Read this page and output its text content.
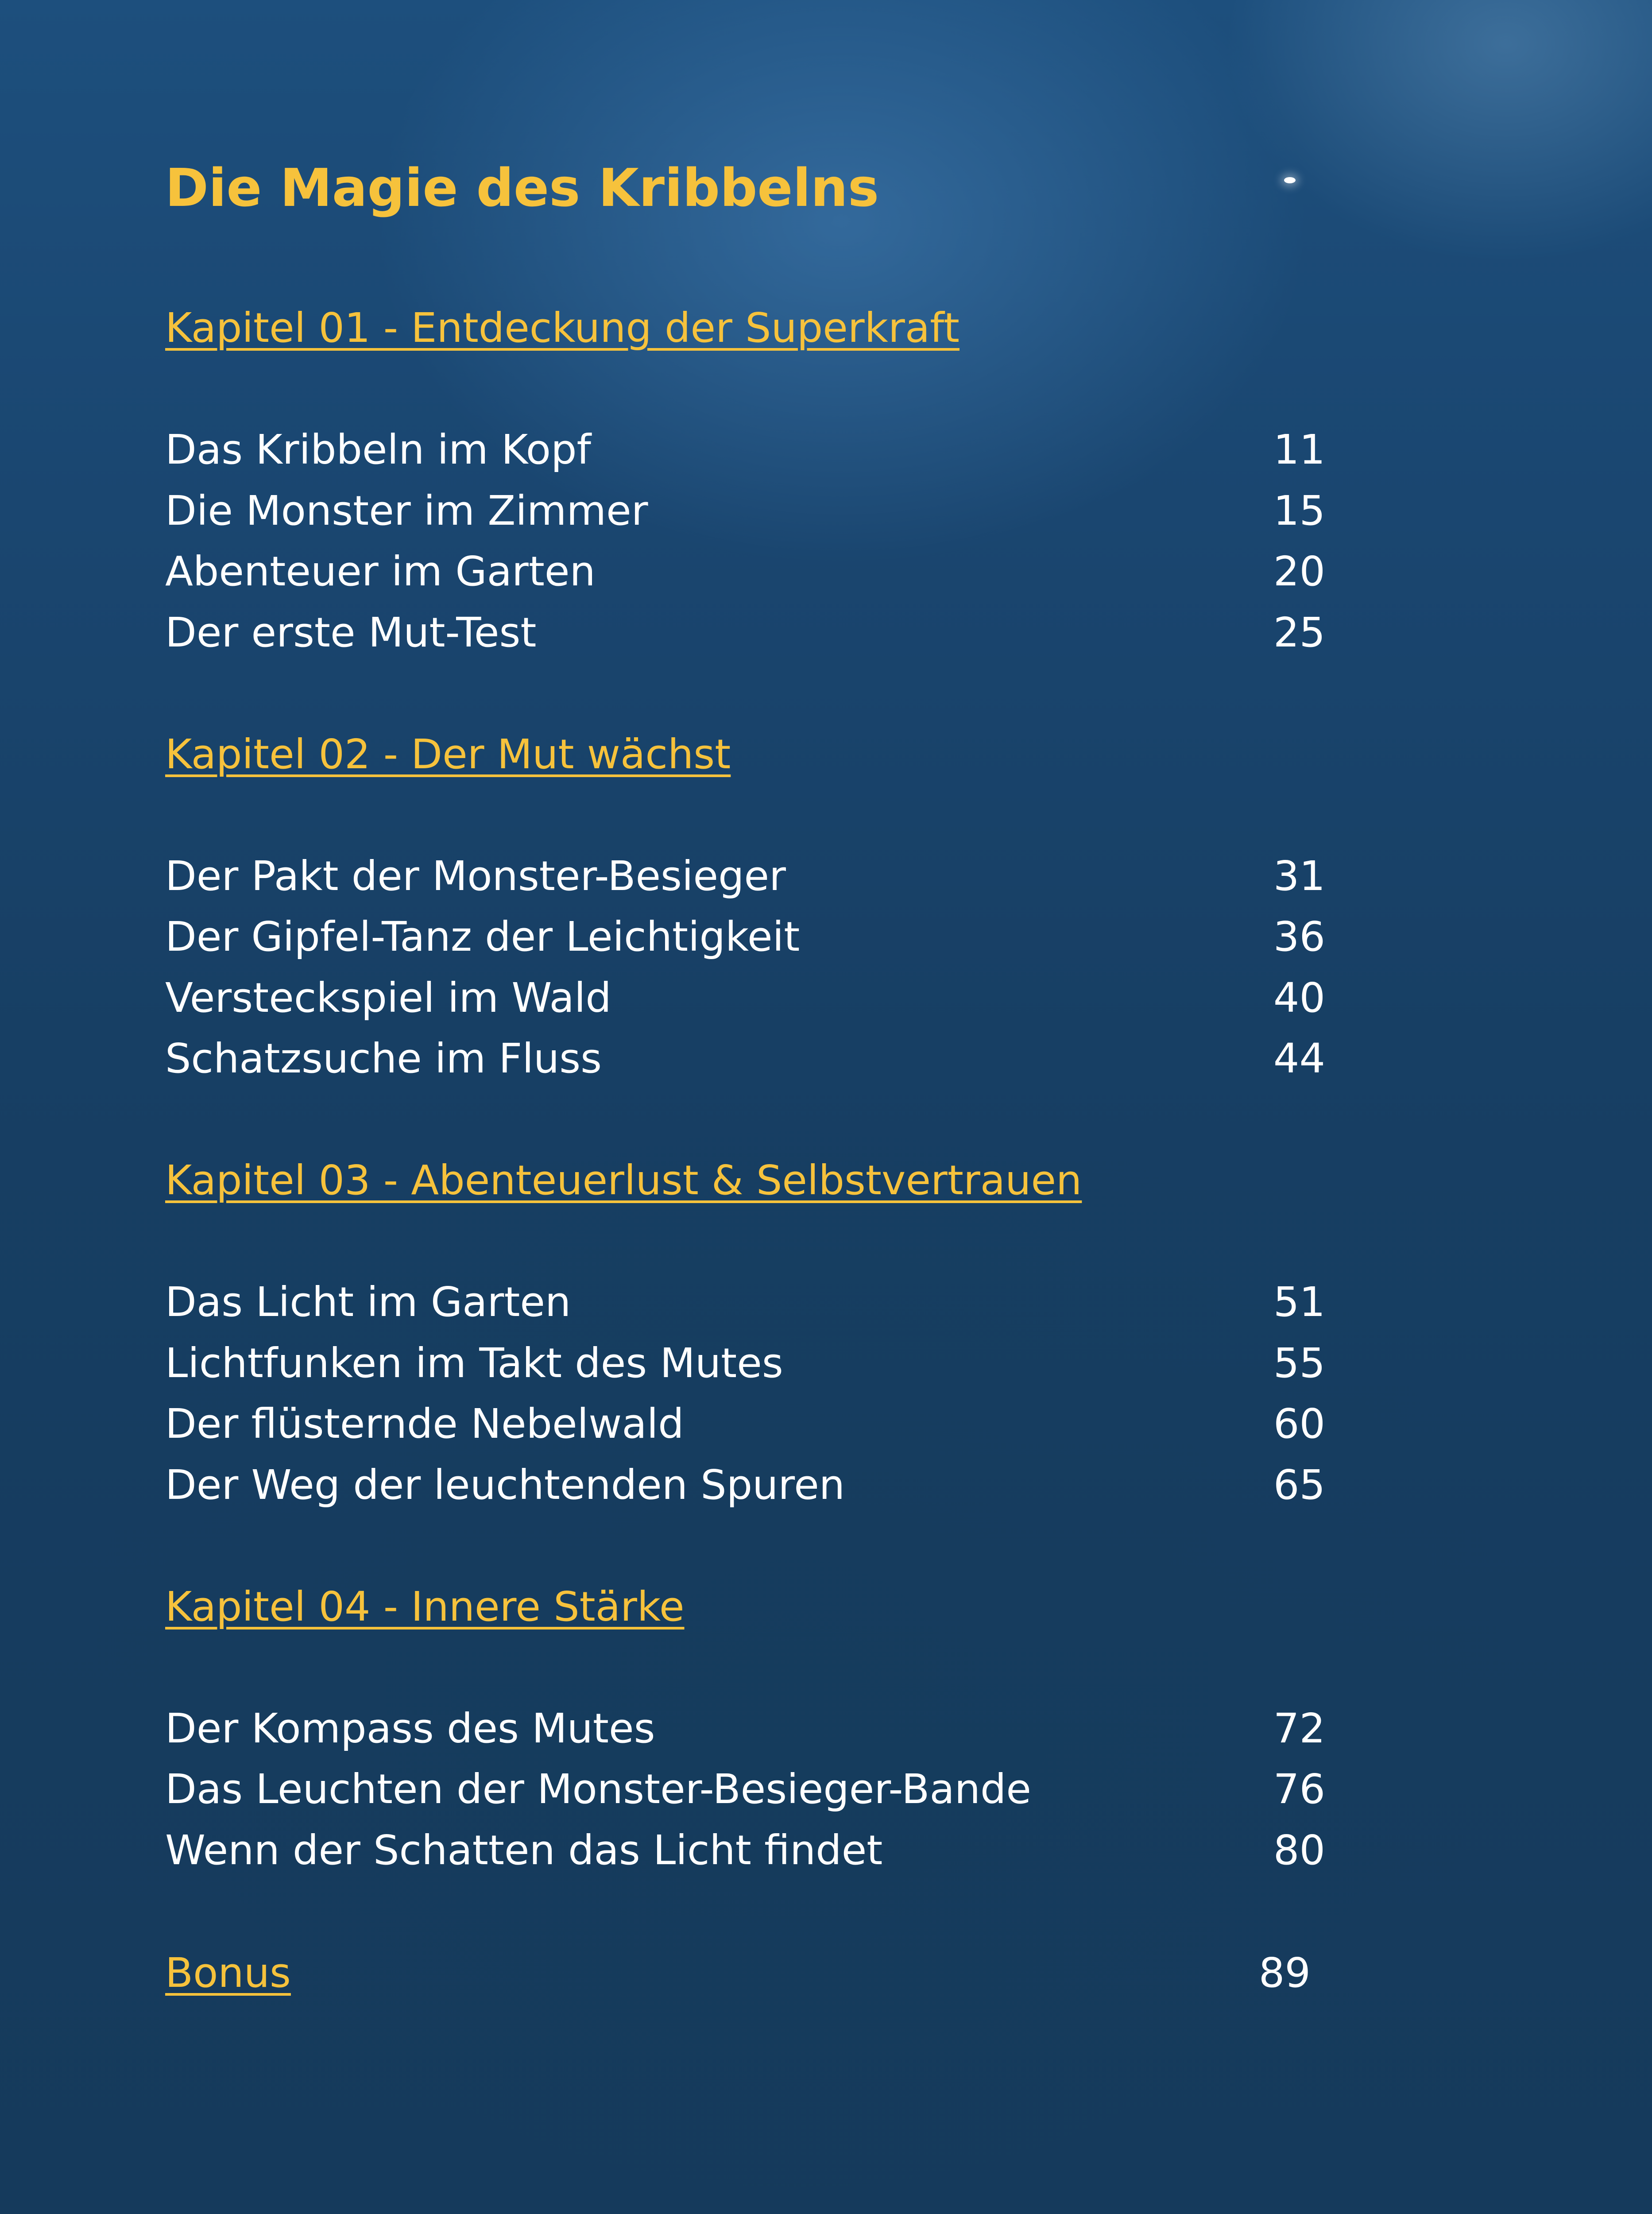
Die Magie des Kribbelns
Kapitel 01 - Entdeckung der Superkraft
Das Kribbeln im Kopf	11
Die Monster im Zimmer	15
Abenteuer im Garten	20
Der erste Mut-Test	25
Kapitel 02 - Der Mut wächst
Der Pakt der Monster-Besieger	31
Der Gipfel-Tanz der Leichtigkeit	36
Versteckspiel im Wald	40
Schatzsuche im Fluss	44
Kapitel 03 - Abenteuerlust & Selbstvertrauen
Das Licht im Garten	51
Lichtfunken im Takt des Mutes	55
Der flüsternde Nebelwald	60
Der Weg der leuchtenden Spuren	65
Kapitel 04 - Innere Stärke
Der Kompass des Mutes	72
Das Leuchten der Monster-Besieger-Bande	76
Wenn der Schatten das Licht findet	80
Bonus	89
